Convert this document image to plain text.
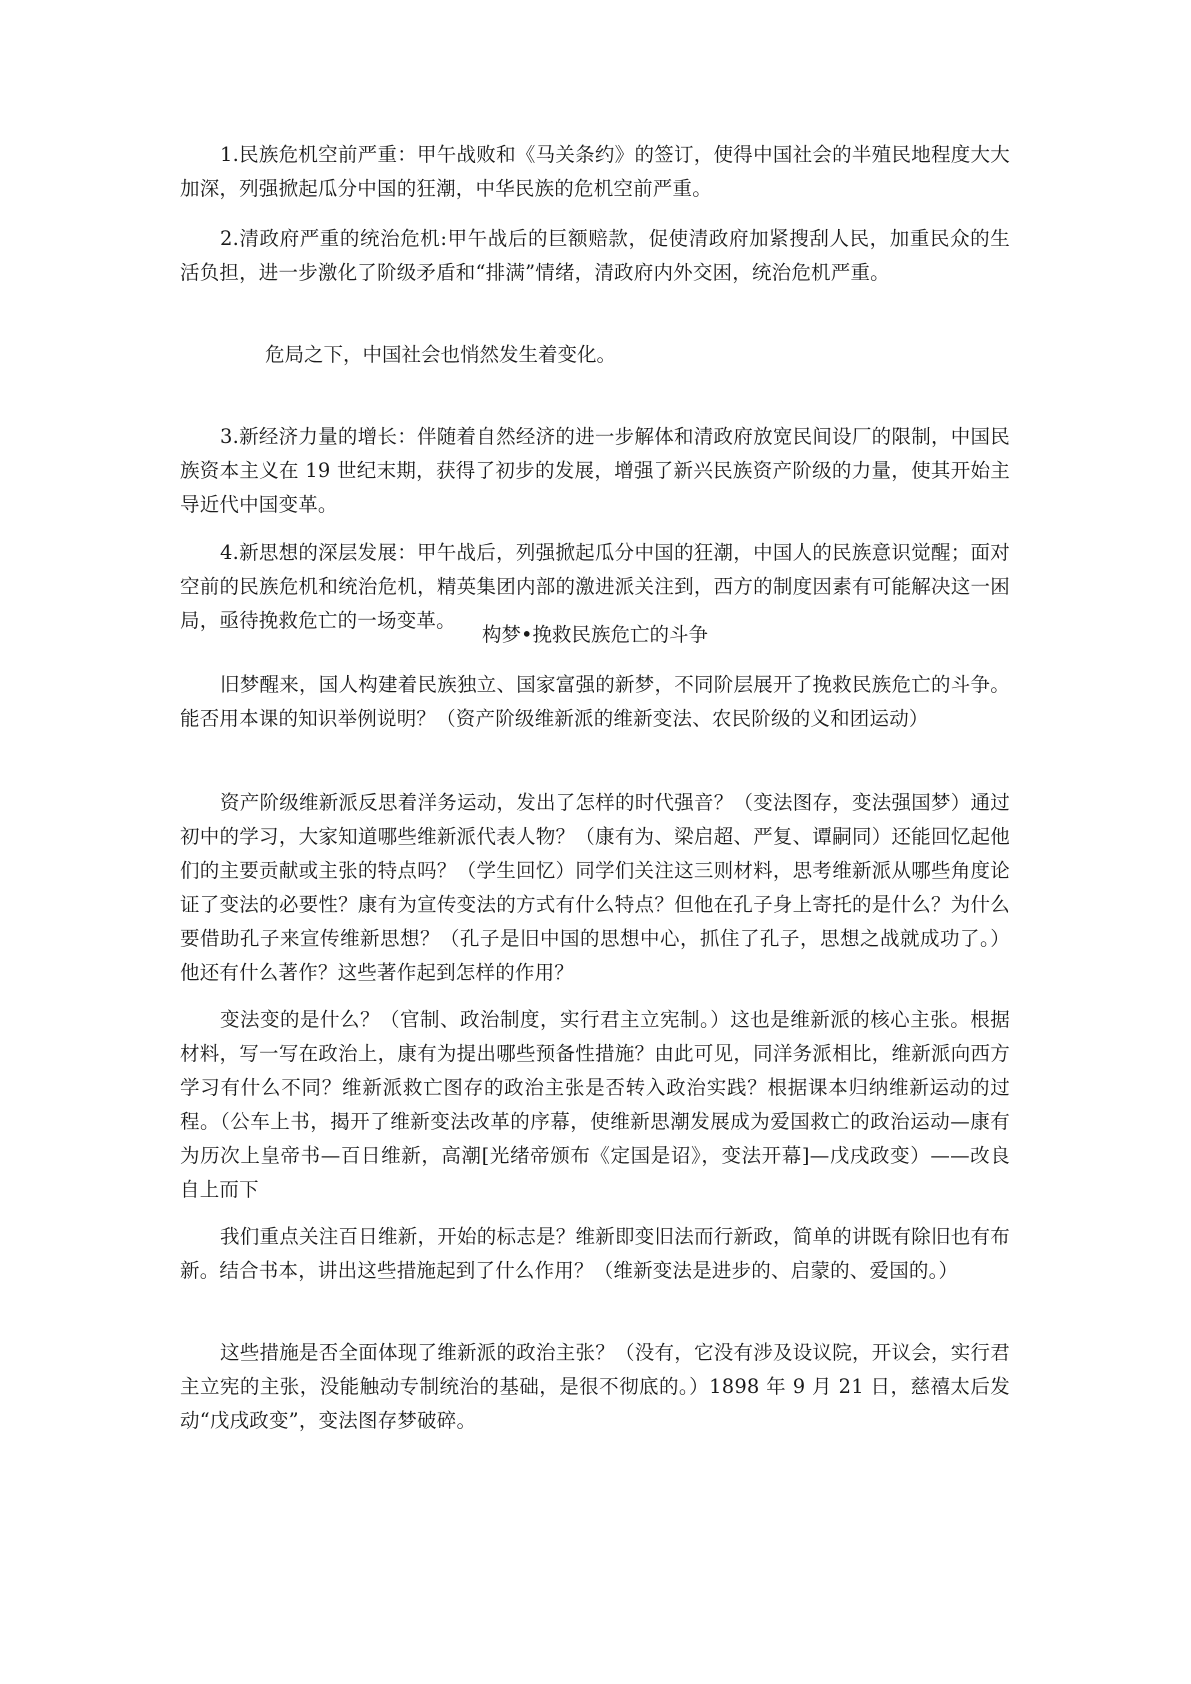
1.民族危机空前严重：甲午战败和《马关条约》的签订，使得中国社会的半殖民地程度大大加深，列强掀起瓜分中国的狂潮，中华民族的危机空前严重。

2.清政府严重的统治危机:甲午战后的巨额赔款，促使清政府加紧搜刮人民，加重民众的生活负担，进一步激化了阶级矛盾和“排满”情绪，清政府内外交困，统治危机严重。

危局之下，中国社会也悄然发生着变化。

3.新经济力量的增长：伴随着自然经济的进一步解体和清政府放宽民间设厂的限制，中国民族资本主义在 19 世纪末期，获得了初步的发展，增强了新兴民族资产阶级的力量，使其开始主导近代中国变革。

4.新思想的深层发展：甲午战后，列强掀起瓜分中国的狂潮，中国人的民族意识觉醒；面对空前的民族危机和统治危机，精英集团内部的激进派关注到，西方的制度因素有可能解决这一困局，亟待挽救危亡的一场变革。

构梦•挽救民族危亡的斗争

旧梦醒来，国人构建着民族独立、国家富强的新梦，不同阶层展开了挽救民族危亡的斗争。能否用本课的知识举例说明？（资产阶级维新派的维新变法、农民阶级的义和团运动）

资产阶级维新派反思着洋务运动，发出了怎样的时代强音？（变法图存，变法强国梦）通过初中的学习，大家知道哪些维新派代表人物？（康有为、梁启超、严复、谭嗣同）还能回忆起他们的主要贡献或主张的特点吗？（学生回忆）同学们关注这三则材料，思考维新派从哪些角度论证了变法的必要性？康有为宣传变法的方式有什么特点？但他在孔子身上寄托的是什么？为什么要借助孔子来宣传维新思想？（孔子是旧中国的思想中心，抓住了孔子，思想之战就成功了。）他还有什么著作？这些著作起到怎样的作用？

变法变的是什么？（官制、政治制度，实行君主立宪制。）这也是维新派的核心主张。根据材料，写一写在政治上，康有为提出哪些预备性措施？由此可见，同洋务派相比，维新派向西方学习有什么不同？维新派救亡图存的政治主张是否转入政治实践？根据课本归纳维新运动的过程。（公车上书，揭开了维新变法改革的序幕，使维新思潮发展成为爱国救亡的政治运动—康有为历次上皇帝书—百日维新，高潮[光绪帝颁布《定国是诏》，变法开幕]—戊戌政变）——改良自上而下

我们重点关注百日维新，开始的标志是？维新即变旧法而行新政，简单的讲既有除旧也有布新。结合书本，讲出这些措施起到了什么作用？（维新变法是进步的、启蒙的、爱国的。）

这些措施是否全面体现了维新派的政治主张？（没有，它没有涉及设议院，开议会，实行君主立宪的主张，没能触动专制统治的基础，是很不彻底的。）1898 年 9 月 21 日，慈禧太后发动“戊戌政变”，变法图存梦破碎。
